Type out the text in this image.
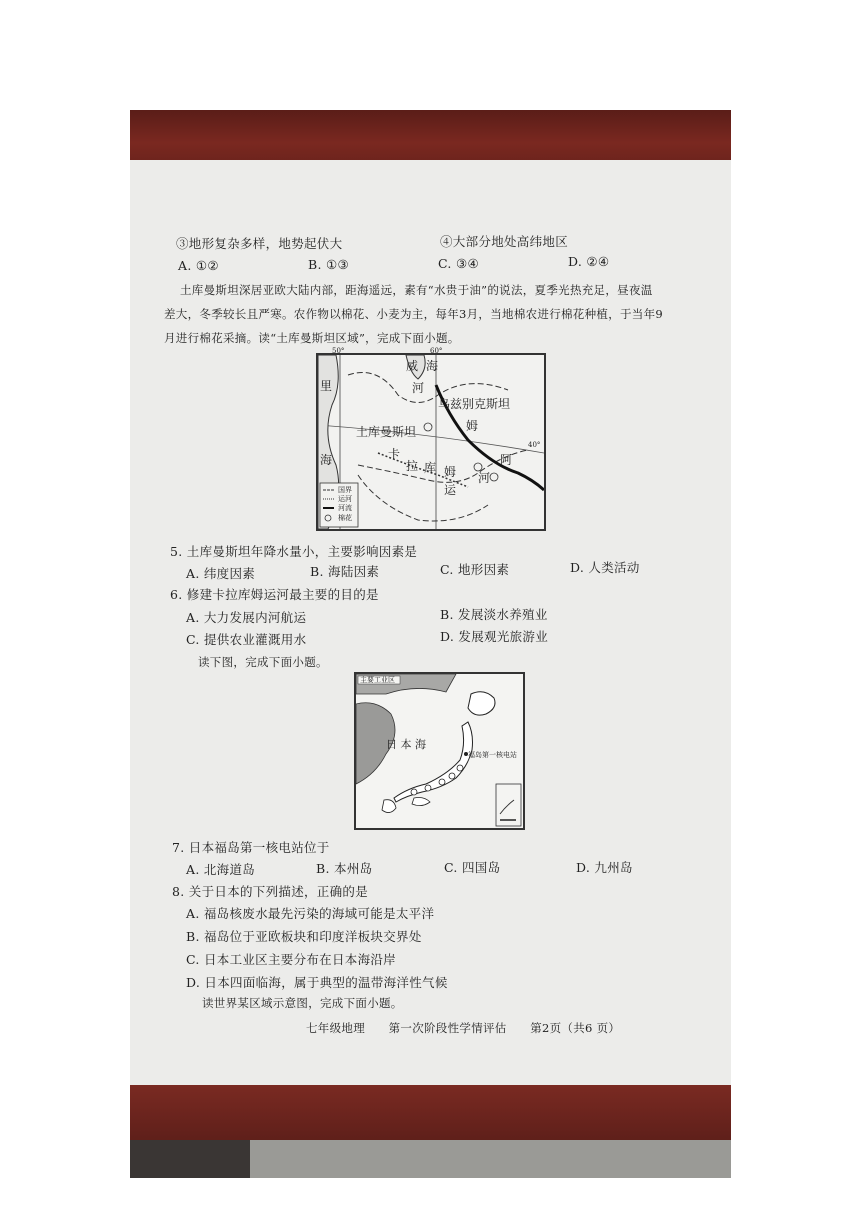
③地形复杂多样，地势起伏大	④大部分地处高纬地区
A. ①②	B. ①③	C. ③④	D. ②④
土库曼斯坦深居亚欧大陆内部，距海遥远，素有“水贵于油”的说法，夏季光热充足，昼夜温
差大，冬季较长且严寒。农作物以棉花、小麦为主，每年3月，当地棉农进行棉花种植，于当年9
月进行棉花采摘。读“土库曼斯坦区域”，完成下面小题。
50°	60°
40°
里
海
威 海
河
乌兹别克斯坦
姆
土库曼斯坦
卡
拉 库 姆
阿
运
河
国界
运河
河流
棉花
5. 土库曼斯坦年降水量小，主要影响因素是
A. 纬度因素	B. 海陆因素	C. 地形因素	D. 人类活动
6. 修建卡拉库姆运河最主要的目的是
A. 大力发展内河航运	B. 发展淡水养殖业
C. 提供农业灌溉用水	D. 发展观光旅游业
读下图，完成下面小题。
主要工业区
日 本 海
福岛第一核电站
7. 日本福岛第一核电站位于
A. 北海道岛	B. 本州岛	C. 四国岛	D. 九州岛
8. 关于日本的下列描述，正确的是
A. 福岛核废水最先污染的海域可能是太平洋
B. 福岛位于亚欧板块和印度洋板块交界处
C. 日本工业区主要分布在日本海沿岸
D. 日本四面临海，属于典型的温带海洋性气候
读世界某区域示意图，完成下面小题。
七年级地理　　第一次阶段性学情评估　　第2页（共6 页）
